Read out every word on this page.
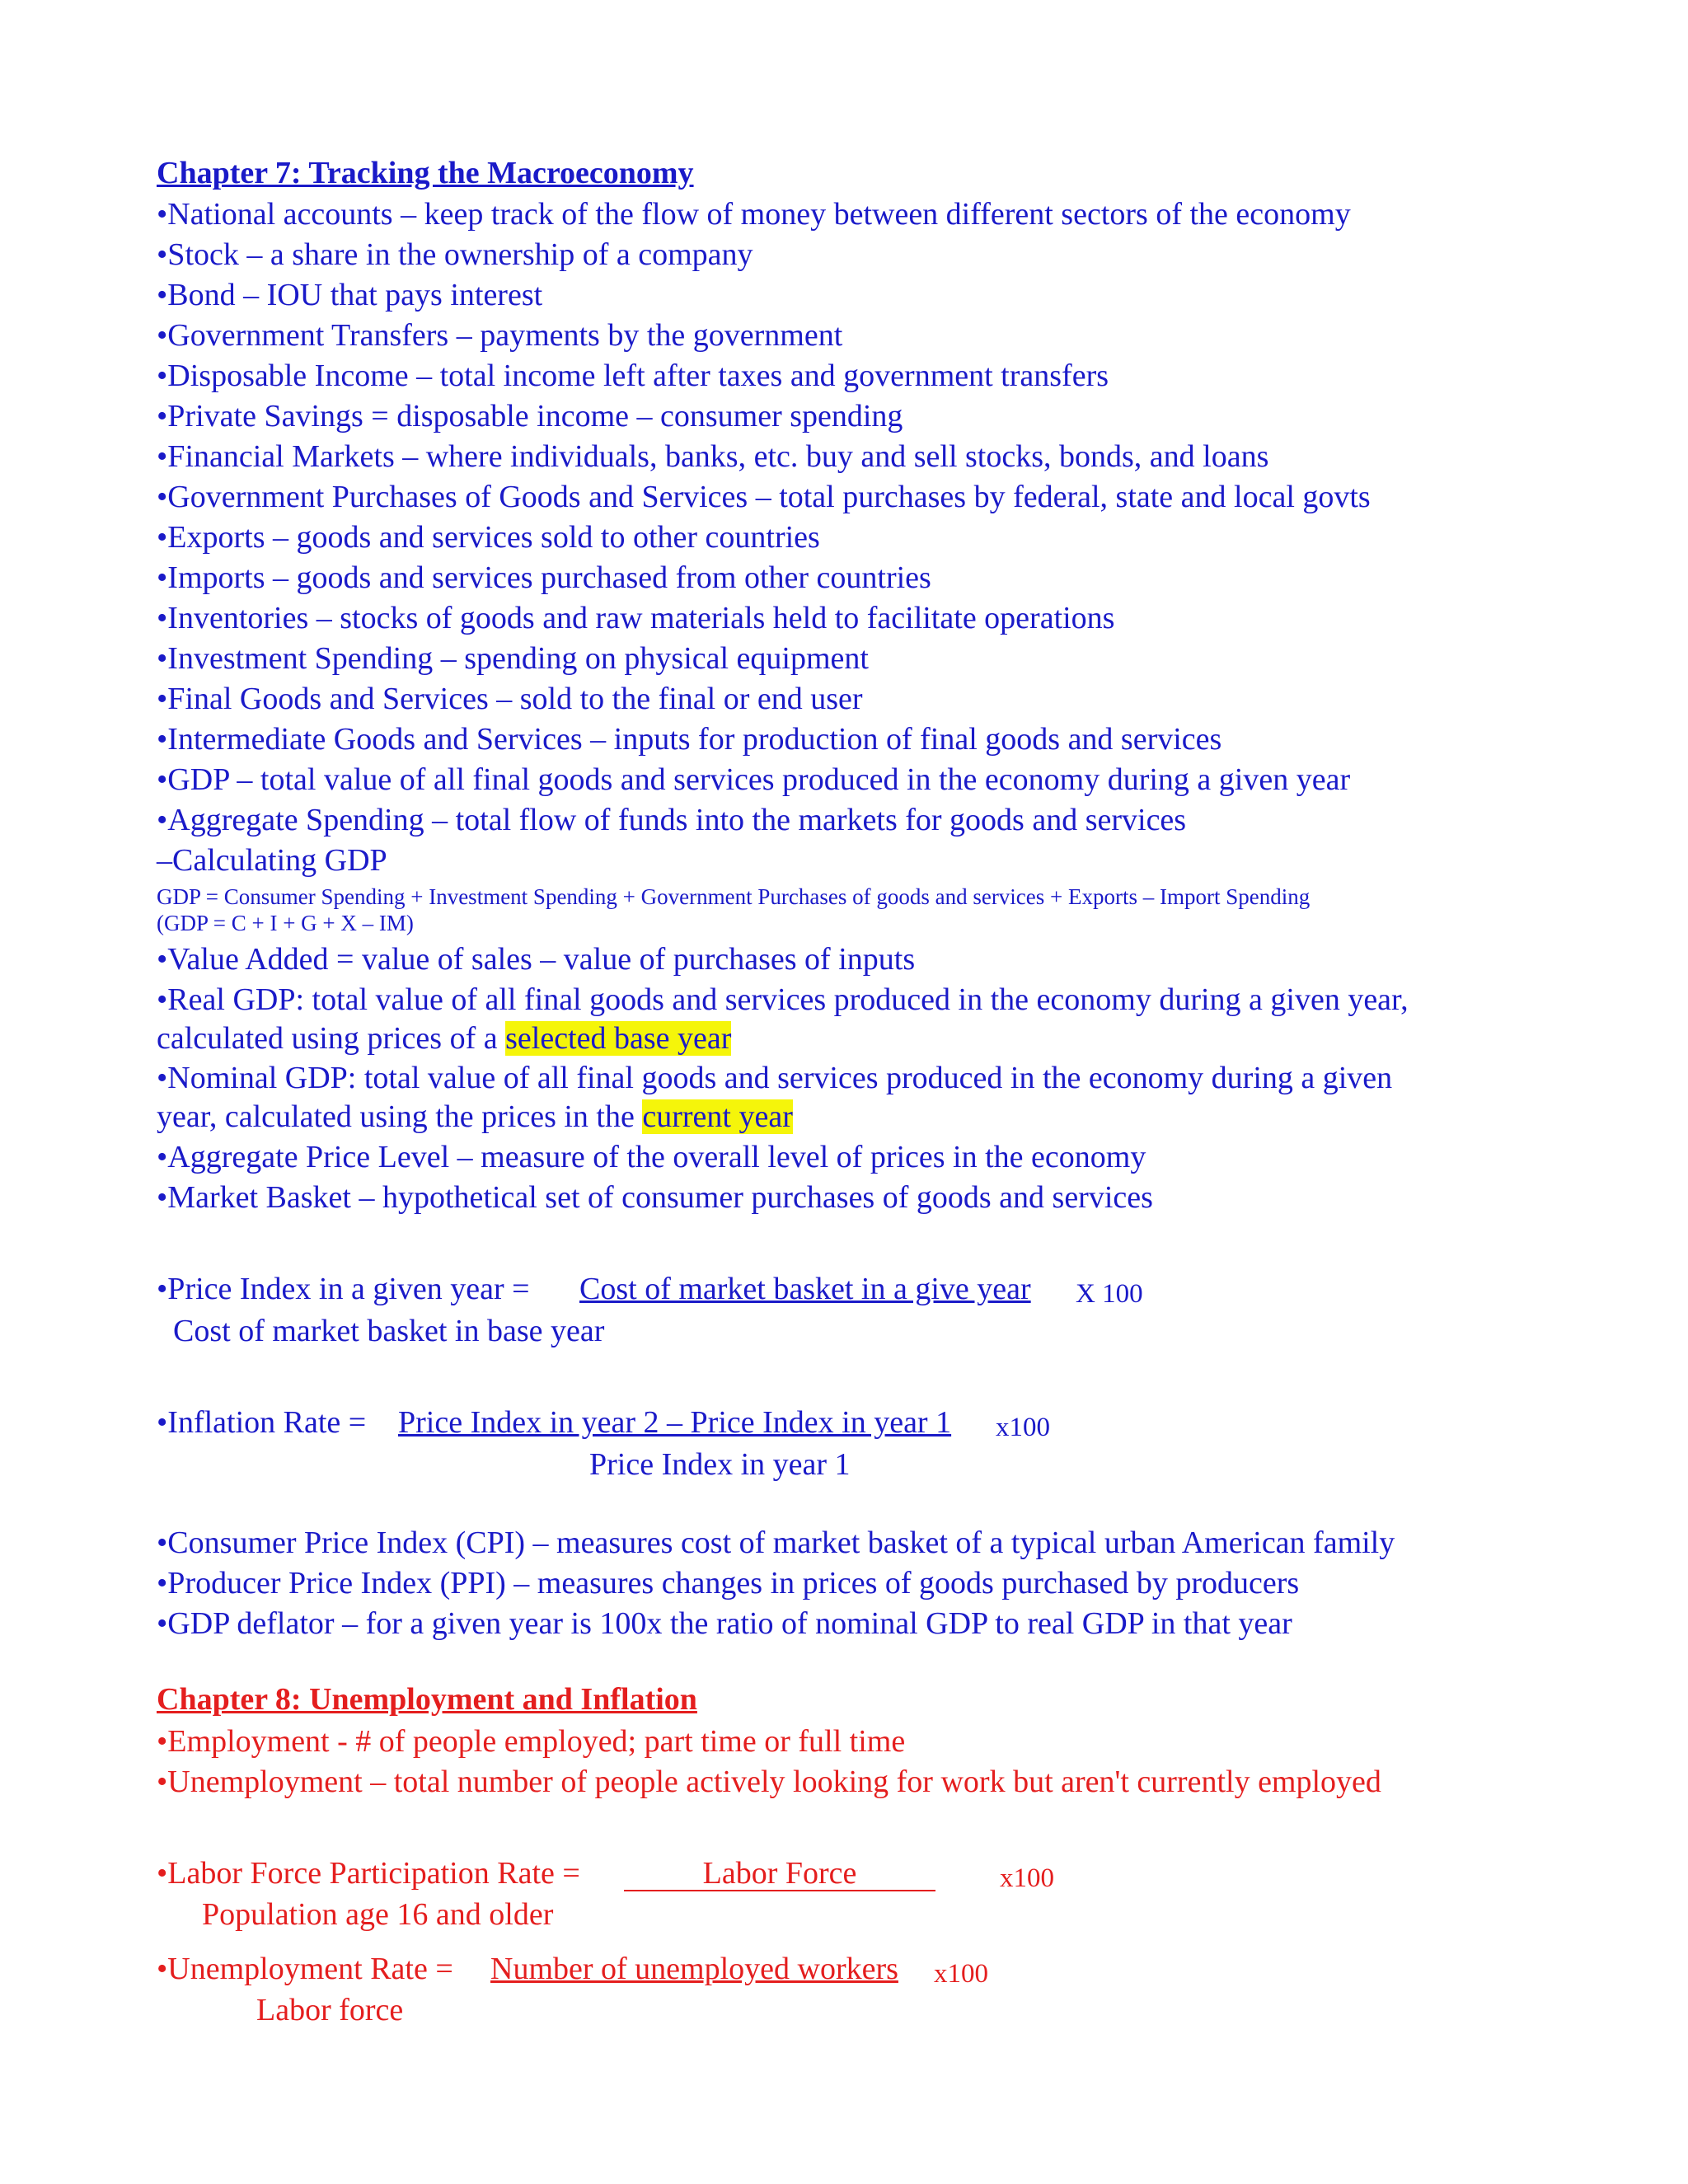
Chapter 7: Tracking the Macroeconomy
•National accounts – keep track of the flow of money between different sectors of the economy
•Stock – a share in the ownership of a company
•Bond – IOU that pays interest
•Government Transfers – payments by the government
•Disposable Income – total income left after taxes and government transfers
•Private Savings = disposable income – consumer spending
•Financial Markets – where individuals, banks, etc. buy and sell stocks, bonds, and loans
•Government Purchases of Goods and Services – total purchases by federal, state and local govts
•Exports – goods and services sold to other countries
•Imports – goods and services purchased from other countries
•Inventories – stocks of goods and raw materials held to facilitate operations
•Investment Spending – spending on physical equipment
•Final Goods and Services – sold to the final or end user
•Intermediate Goods and Services – inputs for production of final goods and services
•GDP – total value of all final goods and services produced in the economy during a given year
•Aggregate Spending – total flow of funds into the markets for goods and services
–Calculating GDP
GDP = Consumer Spending + Investment Spending + Government Purchases of goods and services + Exports – Import Spending
(GDP = C + I + G + X – IM)
•Value Added = value of sales – value of purchases of inputs
•Real GDP: total value of all final goods and services produced in the economy during a given year,
calculated using prices of a selected base year
•Nominal GDP: total value of all final goods and services produced in the economy during a given
year, calculated using the prices in the current year
•Aggregate Price Level – measure of the overall level of prices in the economy
•Market Basket – hypothetical set of consumer purchases of goods and services
•Price Index in a given year = Cost of market basket in a give year X 100
Cost of market basket in base year
•Inflation Rate = Price Index in year 2 – Price Index in year 1 x100
Price Index in year 1
•Consumer Price Index (CPI) – measures cost of market basket of a typical urban American family
•Producer Price Index (PPI) – measures changes in prices of goods purchased by producers
•GDP deflator – for a given year is 100x the ratio of nominal GDP to real GDP in that year
Chapter 8: Unemployment and Inflation
•Employment - # of people employed; part time or full time
•Unemployment – total number of people actively looking for work but aren't currently employed
•Labor Force Participation Rate =	Labor Force	x100
Population age 16 and older
•Unemployment Rate = Number of unemployed workers x100
Labor force
